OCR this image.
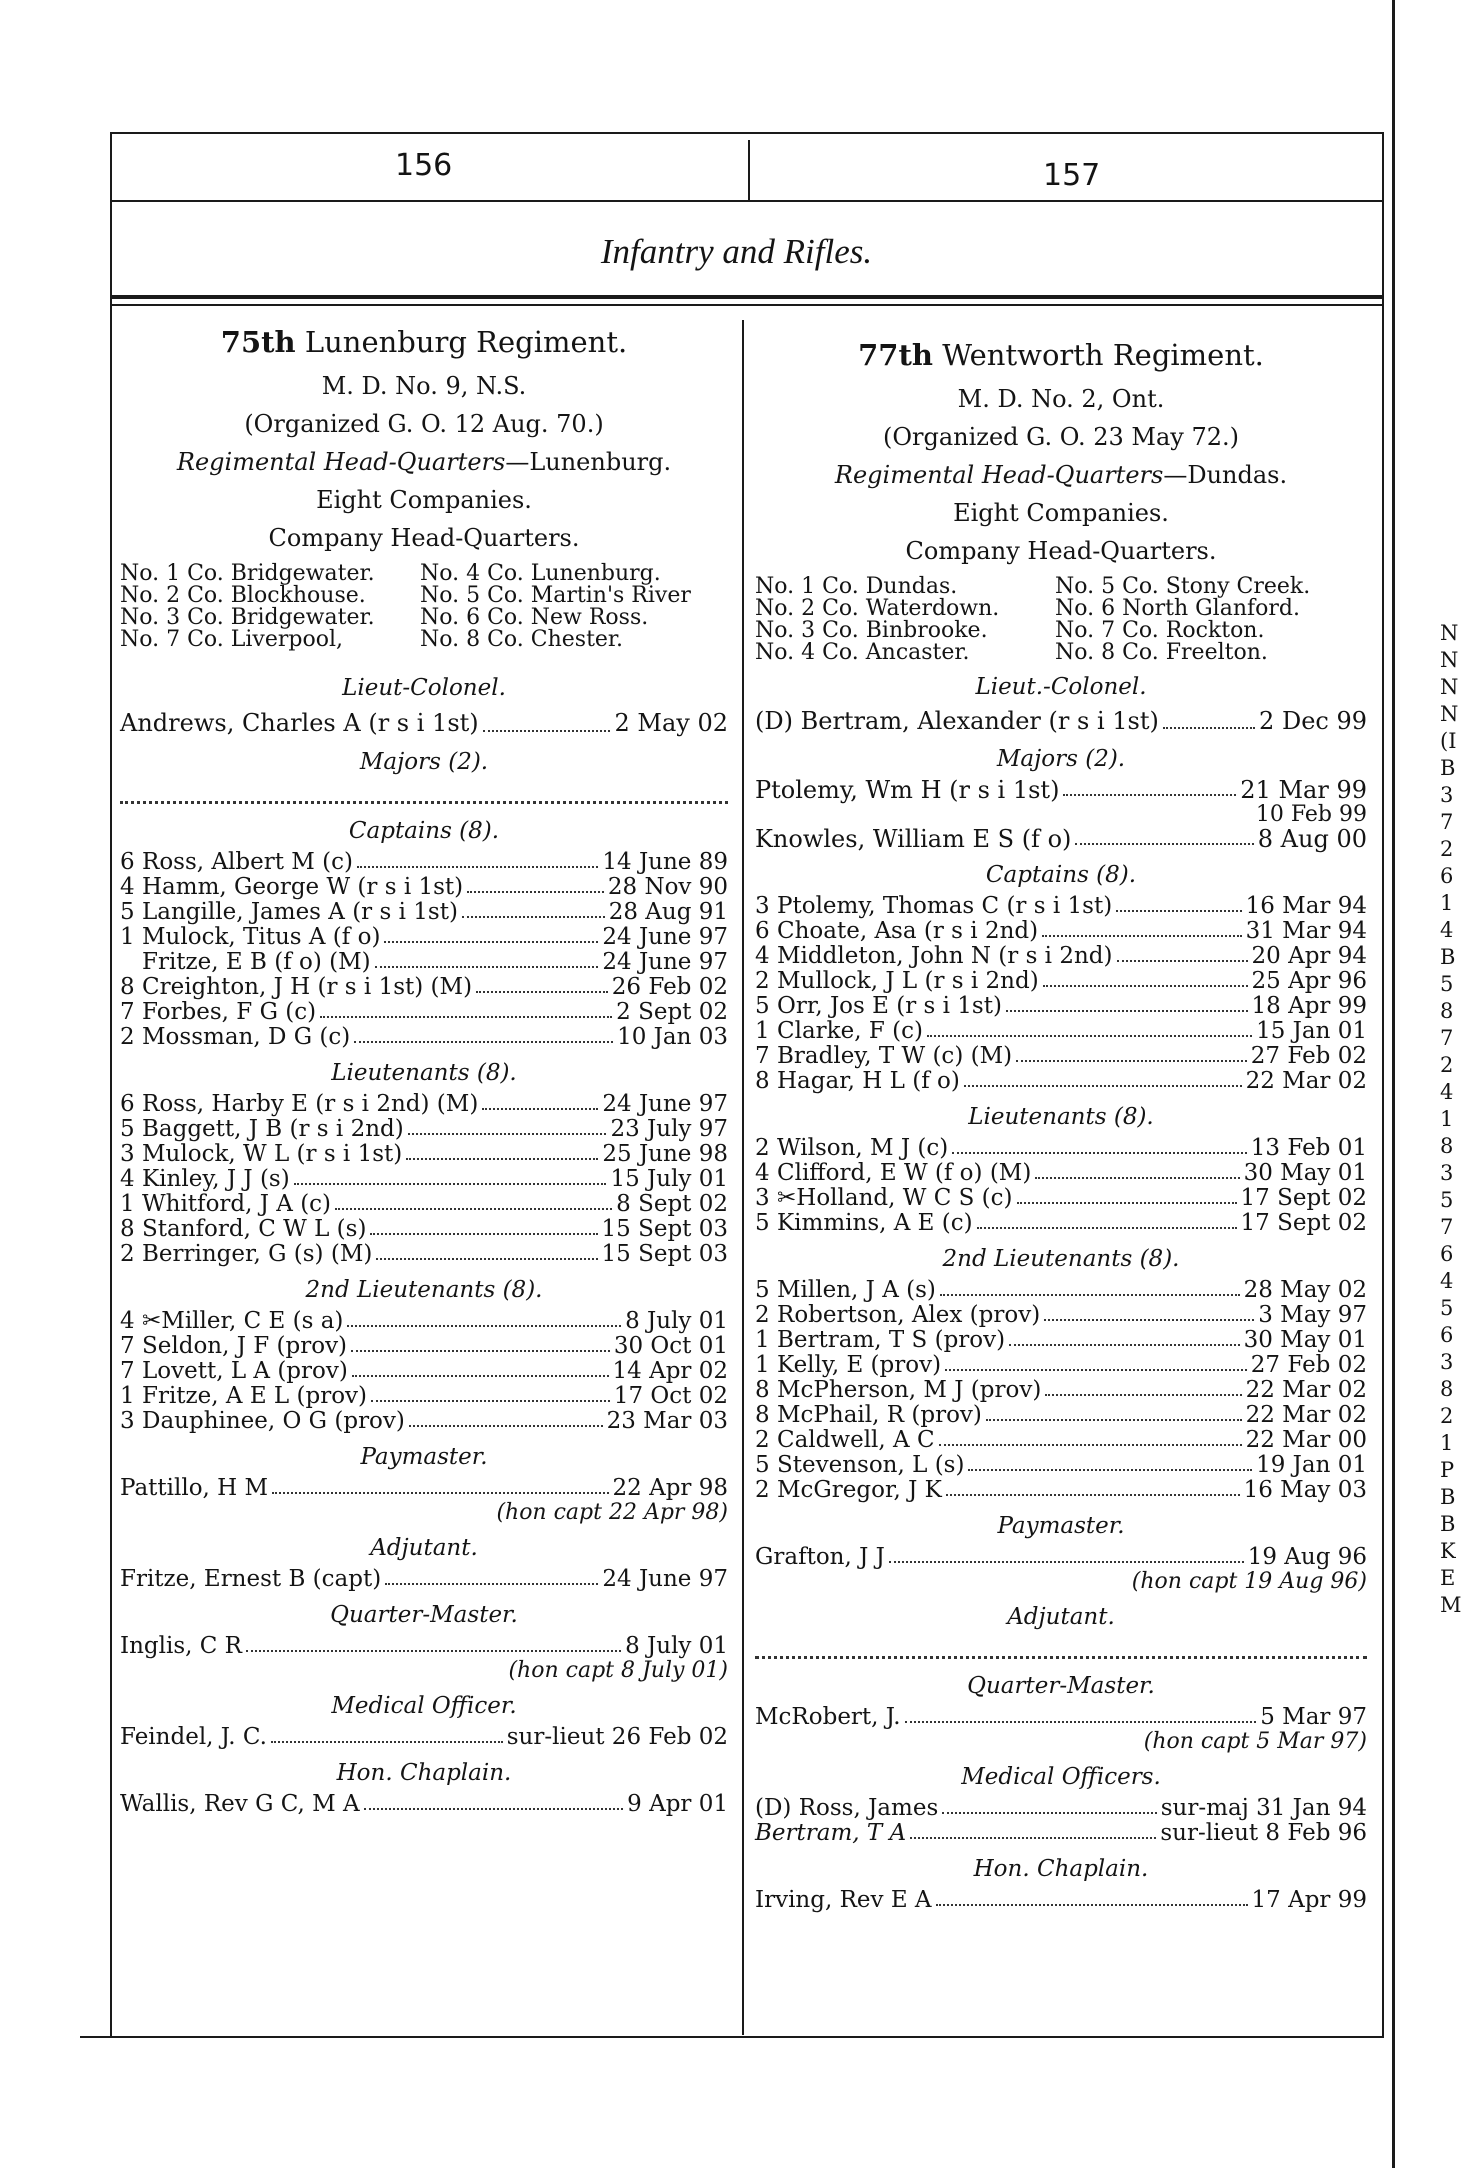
156	157
Infantry and Rifles.
75th Lunenburg Regiment.
M. D. No. 9, N.S.
(Organized G. O. 12 Aug. 70.)
Regimental Head-Quarters—Lunenburg.
Eight Companies.
Company Head-Quarters.
No. 1 Co. Bridgewater.	No. 4 Co. Lunenburg.
No. 2 Co. Blockhouse.	No. 5 Co. Martin's River
No. 3 Co. Bridgewater.	No. 6 Co. New Ross.
No. 7 Co. Liverpool,	No. 8 Co. Chester.
Lieut-Colonel.
Andrews, Charles A (r s i 1st)	2 May 02
Majors (2).
Captains (8).
6 Ross, Albert M (c)	14 June 89
4 Hamm, George W (r s i 1st)	28 Nov 90
5 Langille, James A (r s i 1st)	28 Aug 91
1 Mulock, Titus A (f o)	24 June 97
Fritze, E B (f o) (M)	24 June 97
8 Creighton, J H (r s i 1st) (M)	26 Feb 02
7 Forbes, F G (c)	2 Sept 02
2 Mossman, D G (c)	10 Jan 03
Lieutenants (8).
6 Ross, Harby E (r s i 2nd) (M)	24 June 97
5 Baggett, J B (r s i 2nd)	23 July 97
3 Mulock, W L (r s i 1st)	25 June 98
4 Kinley, J J (s)	15 July 01
1 Whitford, J A (c)	8 Sept 02
8 Stanford, C W L (s)	15 Sept 03
2 Berringer, G (s) (M)	15 Sept 03
2nd Lieutenants (8).
4 ✂Miller, C E (s a)	8 July 01
7 Seldon, J F (prov)	30 Oct 01
7 Lovett, L A (prov)	14 Apr 02
1 Fritze, A E L (prov)	17 Oct 02
3 Dauphinee, O G (prov)	23 Mar 03
Paymaster.
Pattillo, H M	22 Apr 98
(hon capt 22 Apr 98)
Adjutant.
Fritze, Ernest B (capt)	24 June 97
Quarter-Master.
Inglis, C R	8 July 01
(hon capt 8 July 01)
Medical Officer.
Feindel, J. C.	sur-lieut 26 Feb 02
Hon. Chaplain.
Wallis, Rev G C, M A	9 Apr 01
77th Wentworth Regiment.
M. D. No. 2, Ont.
(Organized G. O. 23 May 72.)
Regimental Head-Quarters—Dundas.
Eight Companies.
Company Head-Quarters.
No. 1 Co. Dundas.	No. 5 Co. Stony Creek.
No. 2 Co. Waterdown.	No. 6 North Glanford.
No. 3 Co. Binbrooke.	No. 7 Co. Rockton.
No. 4 Co. Ancaster.	No. 8 Co. Freelton.
Lieut.-Colonel.
(D) Bertram, Alexander (r s i 1st)	2 Dec 99
Majors (2).
Ptolemy, Wm H (r s i 1st)	21 Mar 99
10 Feb 99
Knowles, William E S (f o)	8 Aug 00
Captains (8).
3 Ptolemy, Thomas C (r s i 1st)	16 Mar 94
6 Choate, Asa (r s i 2nd)	31 Mar 94
4 Middleton, John N (r s i 2nd)	20 Apr 94
2 Mullock, J L (r s i 2nd)	25 Apr 96
5 Orr, Jos E (r s i 1st)	18 Apr 99
1 Clarke, F (c)	15 Jan 01
7 Bradley, T W (c) (M)	27 Feb 02
8 Hagar, H L (f o)	22 Mar 02
Lieutenants (8).
2 Wilson, M J (c)	13 Feb 01
4 Clifford, E W (f o) (M)	30 May 01
3 ✂Holland, W C S (c)	17 Sept 02
5 Kimmins, A E (c)	17 Sept 02
2nd Lieutenants (8).
5 Millen, J A (s)	28 May 02
2 Robertson, Alex (prov)	3 May 97
1 Bertram, T S (prov)	30 May 01
1 Kelly, E (prov)	27 Feb 02
8 McPherson, M J (prov)	22 Mar 02
8 McPhail, R (prov)	22 Mar 02
2 Caldwell, A C	22 Mar 00
5 Stevenson, L (s)	19 Jan 01
2 McGregor, J K	16 May 03
Paymaster.
Grafton, J J	19 Aug 96
(hon capt 19 Aug 96)
Adjutant.
Quarter-Master.
McRobert, J.	5 Mar 97
(hon capt 5 Mar 97)
Medical Officers.
(D) Ross, James	sur-maj 31 Jan 94
Bertram, T A	sur-lieut 8 Feb 96
Hon. Chaplain.
Irving, Rev E A	17 Apr 99
N
N
N
N
(I
B
3
7
2
6
1
4
B
5
8
7
2
4
1
8
3
5
7
6
4
5
6
3
8
2
1
P
B
B
K
E
M
